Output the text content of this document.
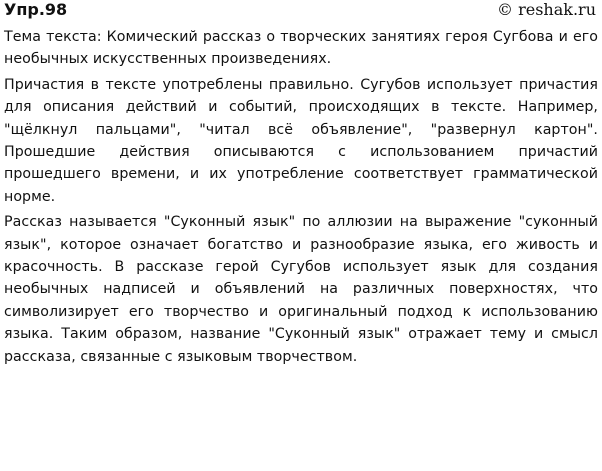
Упр.98	© reshak.ru

Тема текста: Комический рассказ о творческих занятиях героя Сугбова и его необычных искусственных произведениях.

Причастия в тексте употреблены правильно. Сугубов использует причастия для описания действий и событий, происходящих в тексте. Например, "щёлкнул пальцами", "читал всё объявление", "развернул картон". Прошедшие действия описываются с использованием причастий прошедшего времени, и их употребление соответствует грамматической норме.

Рассказ называется "Суконный язык" по аллюзии на выражение "суконный язык", которое означает богатство и разнообразие языка, его живость и красочность. В рассказе герой Сугубов использует язык для создания необычных надписей и объявлений на различных поверхностях, что символизирует его творчество и оригинальный подход к использованию языка. Таким образом, название "Суконный язык" отражает тему и смысл рассказа, связанные с языковым творчеством.
